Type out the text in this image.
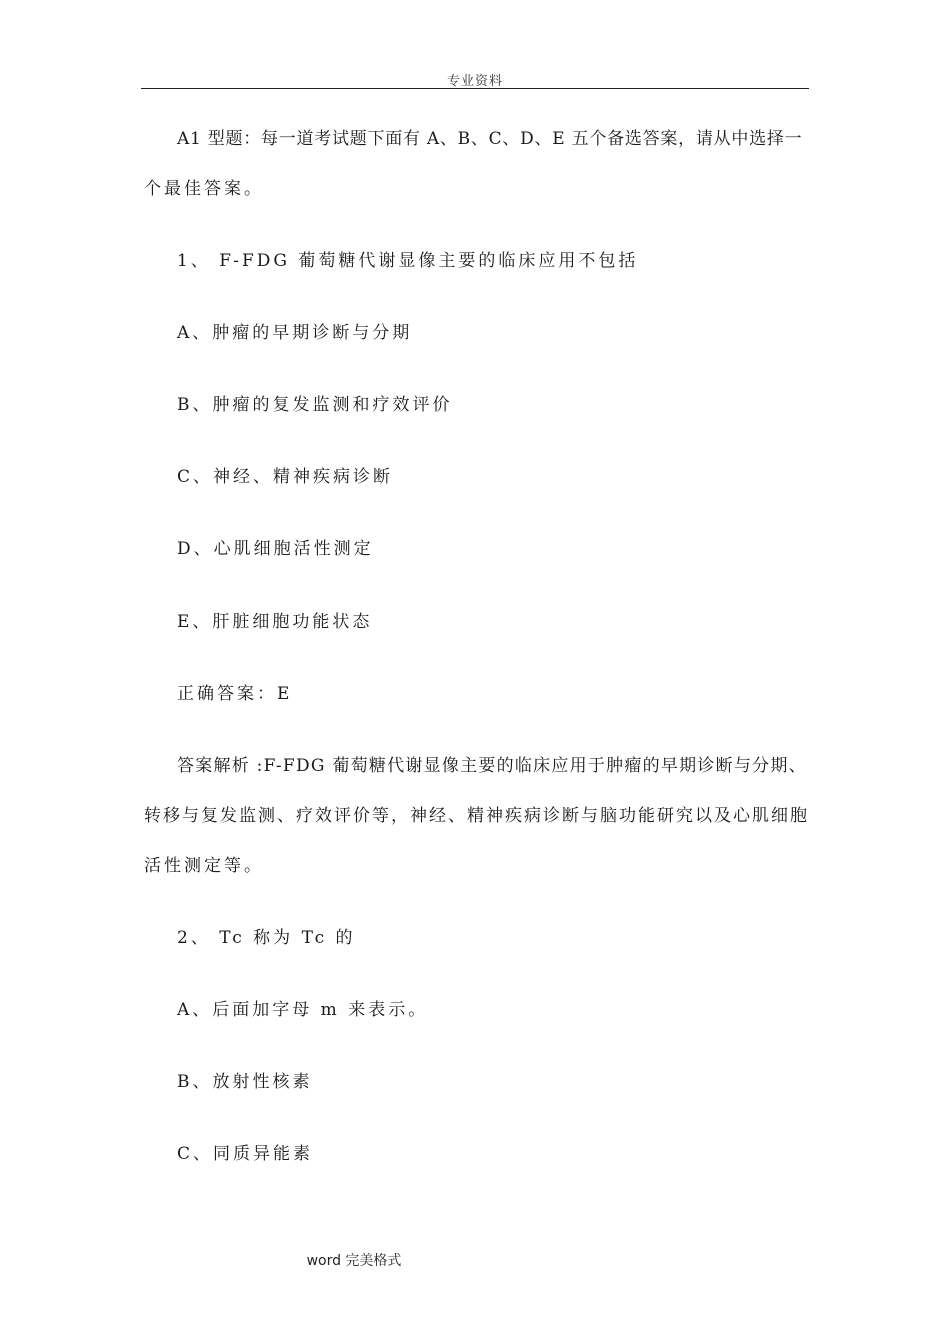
专业资料
A1 型题：每一道考试题下面有 A、B、C、D、E 五个备选答案，请从中选择一
个最佳答案。
1、 F-FDG 葡萄糖代谢显像主要的临床应用不包括
A、肿瘤的早期诊断与分期
B、肿瘤的复发监测和疗效评价
C、神经、精神疾病诊断
D、心肌细胞活性测定
E、肝脏细胞功能状态
正确答案：E
答案解析 :F-FDG 葡萄糖代谢显像主要的临床应用于肿瘤的早期诊断与分期、
转移与复发监测、疗效评价等，神经、精神疾病诊断与脑功能研究以及心肌细胞
活性测定等。
2、 Tc 称为 Tc 的
A、后面加字母 m 来表示。
B、放射性核素
C、同质异能素
word 完美格式
